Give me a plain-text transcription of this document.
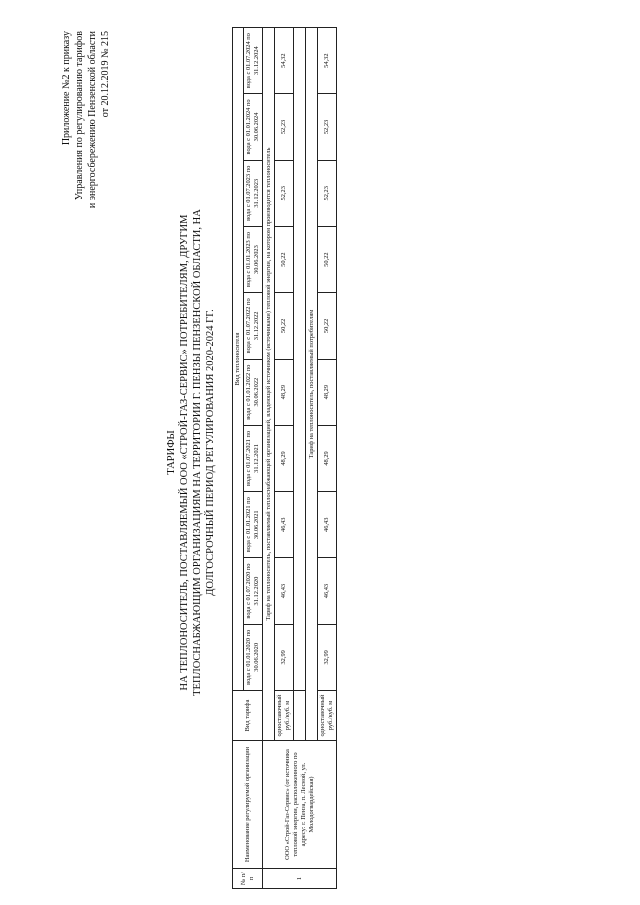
Приложение №2 к приказу Управления по регулированию тарифов и энергосбережению Пензенской области от 20.12.2019 № 215
ТАРИФЫ НА ТЕПЛОНОСИТЕЛЬ, ПОСТАВЛЯЕМЫЙ ООО «СТРОЙ-ГАЗ-СЕРВИС» ПОТРЕБИТЕЛЯМ, ДРУГИМ ТЕПЛОСНАБЖАЮЩИМ ОРГАНИЗАЦИЯМ НА ТЕРРИТОРИИ Г. ПЕНЗЫ ПЕНЗЕНСКОЙ ОБЛАСТИ, НА ДОЛГОСРОЧНЫЙ ПЕРИОД РЕГУЛИРОВАНИЯ 2020-2024 ГГ.
№ п/п	Наименование регулируемой организации	Вид тарифа	Вид теплоносителя									
			вода с 01.01.2020 по 30.06.2020	вода с 01.07.2020 по 31.12.2020	вода с 01.01.2021 по 30.06.2021	вода с 01.07.2021 по 31.12.2021	вода с 01.01.2022 по 30.06.2022	вода с 01.07.2022 по 31.12.2022	вода с 01.01.2023 по 30.06.2023	вода с 01.07.2023 по 31.12.2023	вода с 01.01.2024 по 30.06.2024	вода с 01.07.2024 по 31.12.2024
1	ООО «Строй-Газ-Сервис» (от источника тепловой энергии, расположенного по адресу: г. Пенза, п. Лесной, ул. Молодогвардейская)	Тариф на теплоноситель, поставляемый теплоснабжающей организацией, владеющей источником (источниками) тепловой энергии, на котором производится теплоноситель										
		одноставочный руб./куб. м	32,99	46,43	46,43	48,29	48,29	50,22	50,22	52,23	52,23	54,32

		Тариф на теплоноситель, поставляемый потребителям										
		одноставочный руб./куб. м	32,99	46,43	46,43	48,29	48,29	50,22	50,22	52,23	52,23	54,32
